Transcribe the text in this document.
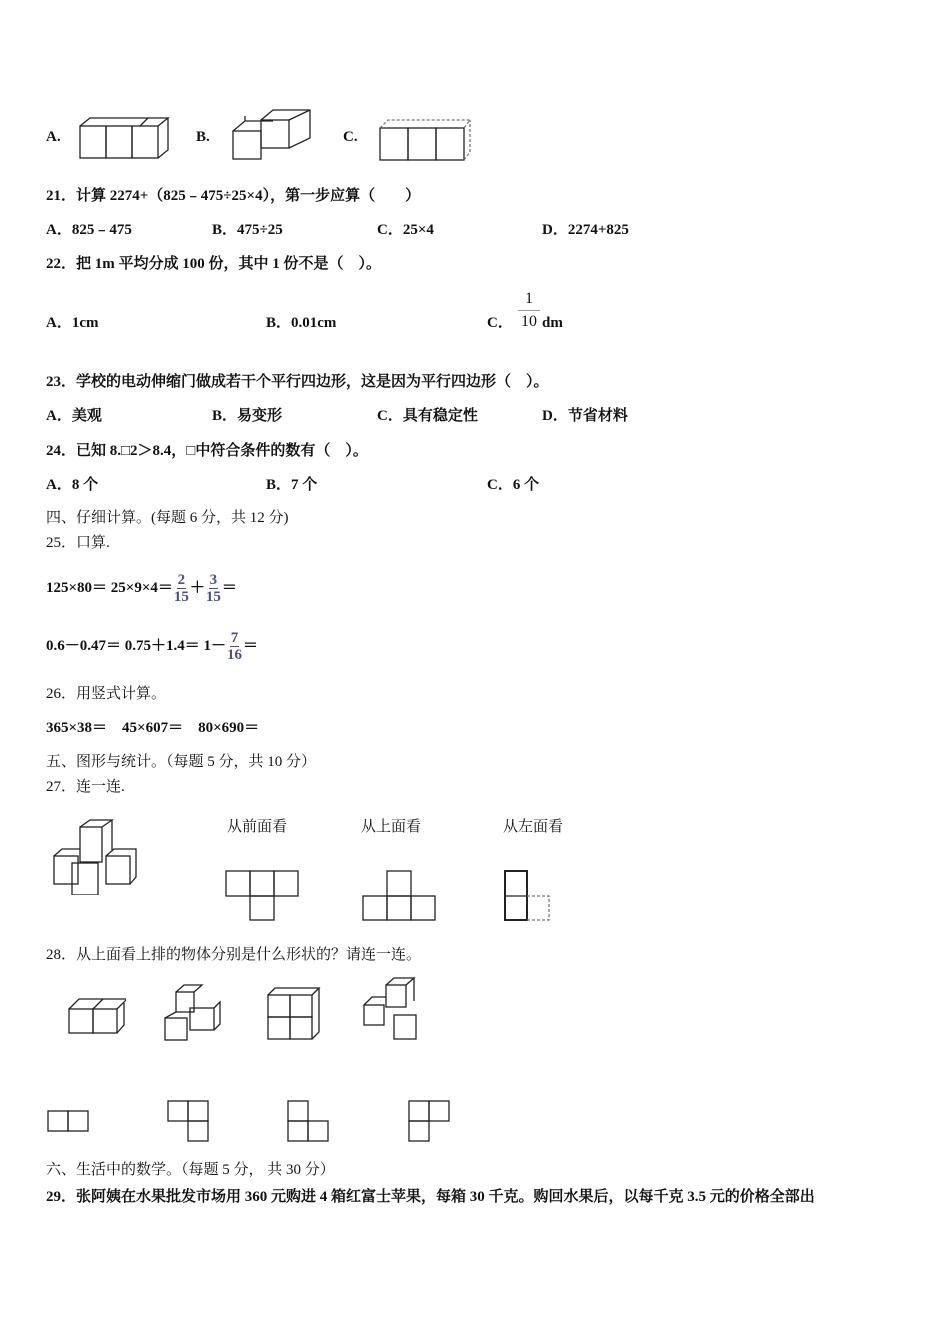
A.	B.	C.
21．计算 2274+（825﹣475÷25×4），第一步应算（　　）
A．825﹣475	B．475÷25	C．25×4	D．2274+825
22．把 1m 平均分成 100 份，其中 1 份不是（　）。
A．1cm	B．0.01cm	C．
1
10 dm
23．学校的电动伸缩门做成若干个平行四边形，这是因为平行四边形（　）。
A．美观	B．易变形	C．具有稳定性	D．节省材料
24．已知 8.□2＞8.4，□中符合条件的数有（　）。
A．8 个	B．7 个	C．6 个
四、仔细计算。(每题 6 分，共 12 分)
25．口算.
$125\times 80= 25\times 9\times 4= \frac{2}{15} + \frac{3}{15}$ ＝
$0.6-0.47= 0.75+1.4= 1- \frac{7}{16}$ ＝
26．用竖式计算。
365×38＝　45×607＝　80×690＝
五、图形与统计。（每题 5 分，共 10 分）
27．连一连.
从前面看	从上面看	从左面看
28．从上面看上排的物体分别是什么形状的？请连一连。
六、生活中的数学。（每题 5 分， 共 30 分）
29．张阿姨在水果批发市场用 360 元购进 4 箱红富士苹果，每箱 30 千克。购回水果后，以每千克 3.5 元的价格全部出
